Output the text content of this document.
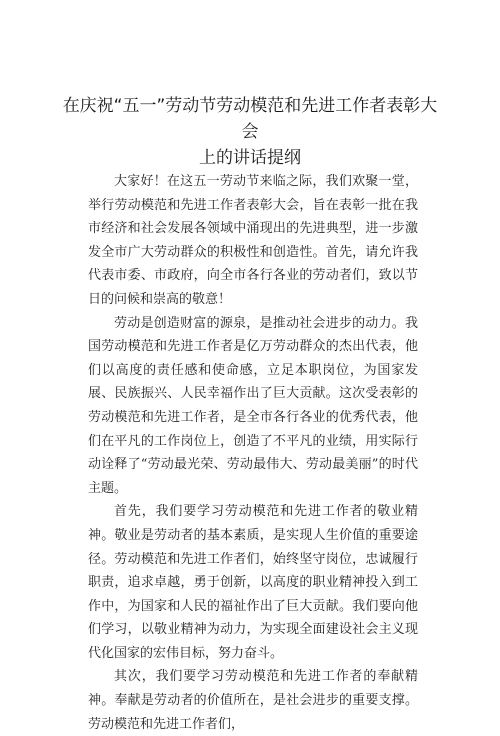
在庆祝“五一”劳动节劳动模范和先进工作者表彰大会
上的讲话提纲

大家好！在这五一劳动节来临之际，我们欢聚一堂，举行劳动模范和先进工作者表彰大会，旨在表彰一批在我市经济和社会发展各领域中涌现出的先进典型，进一步激发全市广大劳动群众的积极性和创造性。首先，请允许我代表市委、市政府，向全市各行各业的劳动者们，致以节日的问候和崇高的敬意！

劳动是创造财富的源泉，是推动社会进步的动力。我国劳动模范和先进工作者是亿万劳动群众的杰出代表，他们以高度的责任感和使命感，立足本职岗位，为国家发展、民族振兴、人民幸福作出了巨大贡献。这次受表彰的劳动模范和先进工作者，是全市各行各业的优秀代表，他们在平凡的工作岗位上，创造了不平凡的业绩，用实际行动诠释了“劳动最光荣、劳动最伟大、劳动最美丽”的时代主题。

首先，我们要学习劳动模范和先进工作者的敬业精神。敬业是劳动者的基本素质，是实现人生价值的重要途径。劳动模范和先进工作者们，始终坚守岗位，忠诚履行职责，追求卓越，勇于创新，以高度的职业精神投入到工作中，为国家和人民的福祉作出了巨大贡献。我们要向他们学习，以敬业精神为动力，为实现全面建设社会主义现代化国家的宏伟目标，努力奋斗。

其次，我们要学习劳动模范和先进工作者的奉献精神。奉献是劳动者的价值所在，是社会进步的重要支撑。劳动模范和先进工作者们，
